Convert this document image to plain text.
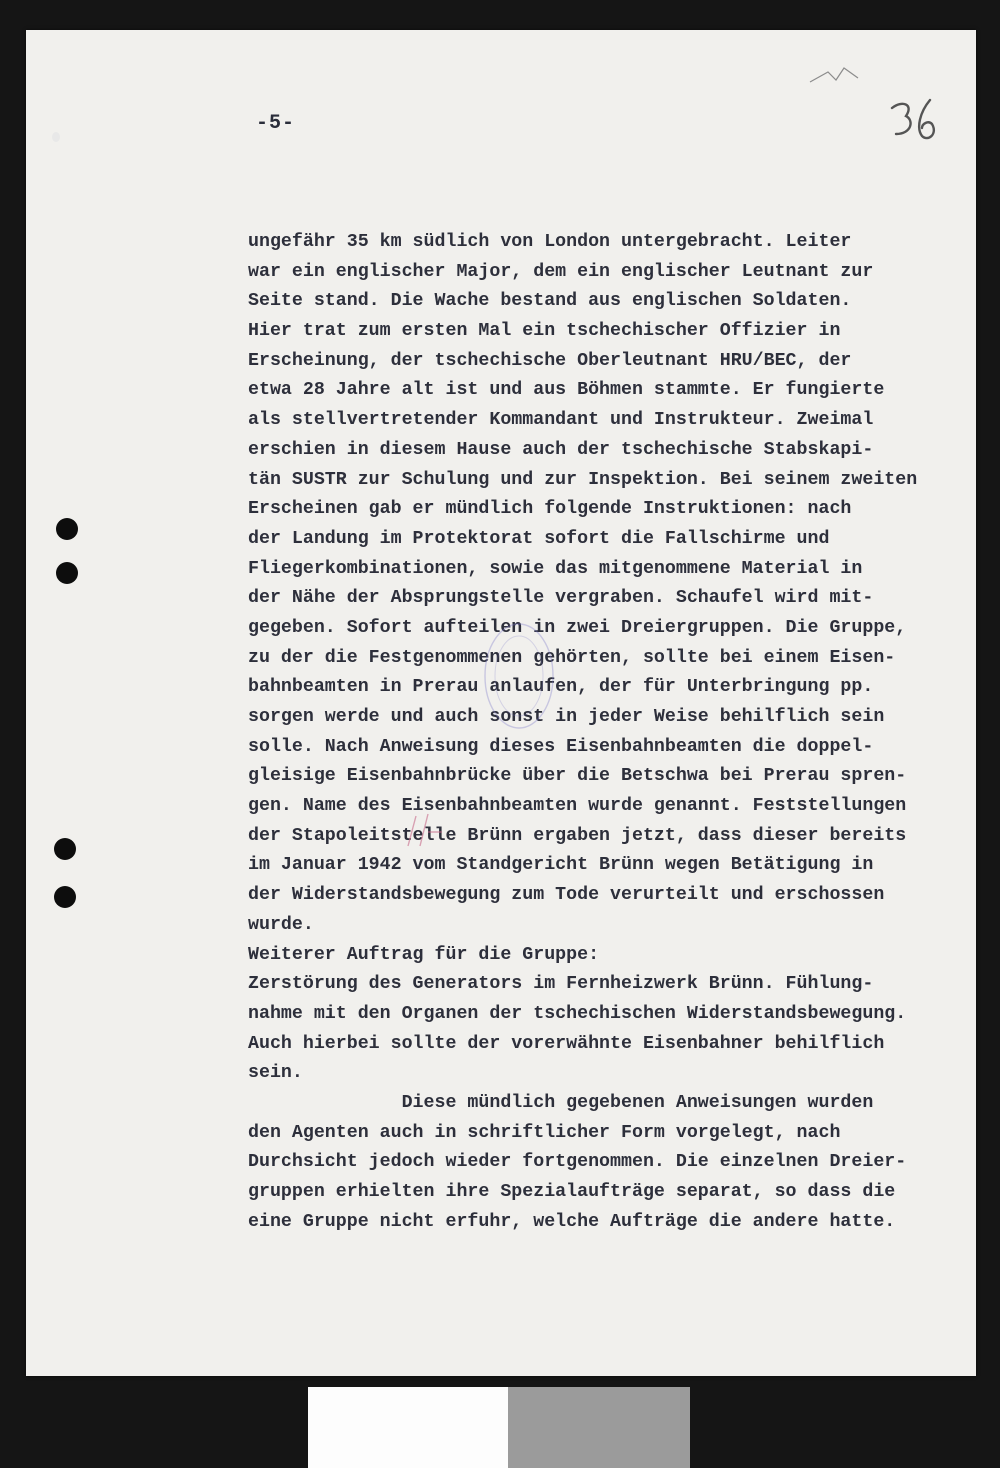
-5-
ungefähr 35 km südlich von London untergebracht. Leiter
war ein englischer Major, dem ein englischer Leutnant zur
Seite stand. Die Wache bestand aus englischen Soldaten.
Hier trat zum ersten Mal ein tschechischer Offizier in
Erscheinung, der tschechische Oberleutnant HRU/BEC, der
etwa 28 Jahre alt ist und aus Böhmen stammte. Er fungierte
als stellvertretender Kommandant und Instrukteur. Zweimal
erschien in diesem Hause auch der tschechische Stabskapi-
tän SUSTR zur Schulung und zur Inspektion. Bei seinem zweiten
Erscheinen gab er mündlich folgende Instruktionen: nach
der Landung im Protektorat sofort die Fallschirme und
Fliegerkombinationen, sowie das mitgenommene Material in
der Nähe der Absprungstelle vergraben. Schaufel wird mit-
gegeben. Sofort aufteilen in zwei Dreiergruppen. Die Gruppe,
zu der die Festgenommenen gehörten, sollte bei einem Eisen-
bahnbeamten in Prerau anlaufen, der für Unterbringung pp.
sorgen werde und auch sonst in jeder Weise behilflich sein
solle. Nach Anweisung dieses Eisenbahnbeamten die doppel-
gleisige Eisenbahnbrücke über die Betschwa bei Prerau spren-
gen. Name des Eisenbahnbeamten wurde genannt. Feststellungen
der Stapoleitstelle Brünn ergaben jetzt, dass dieser bereits
im Januar 1942 vom Standgericht Brünn wegen Betätigung in
der Widerstandsbewegung zum Tode verurteilt und erschossen
wurde.
Weiterer Auftrag für die Gruppe:
Zerstörung des Generators im Fernheizwerk Brünn. Fühlung-
nahme mit den Organen der tschechischen Widerstandsbewegung.
Auch hierbei sollte der vorerwähnte Eisenbahner behilflich
sein.
Diese mündlich gegebenen Anweisungen wurden
den Agenten auch in schriftlicher Form vorgelegt, nach
Durchsicht jedoch wieder fortgenommen. Die einzelnen Dreier-
gruppen erhielten ihre Spezialaufträge separat, so dass die
eine Gruppe nicht erfuhr, welche Aufträge die andere hatte.
